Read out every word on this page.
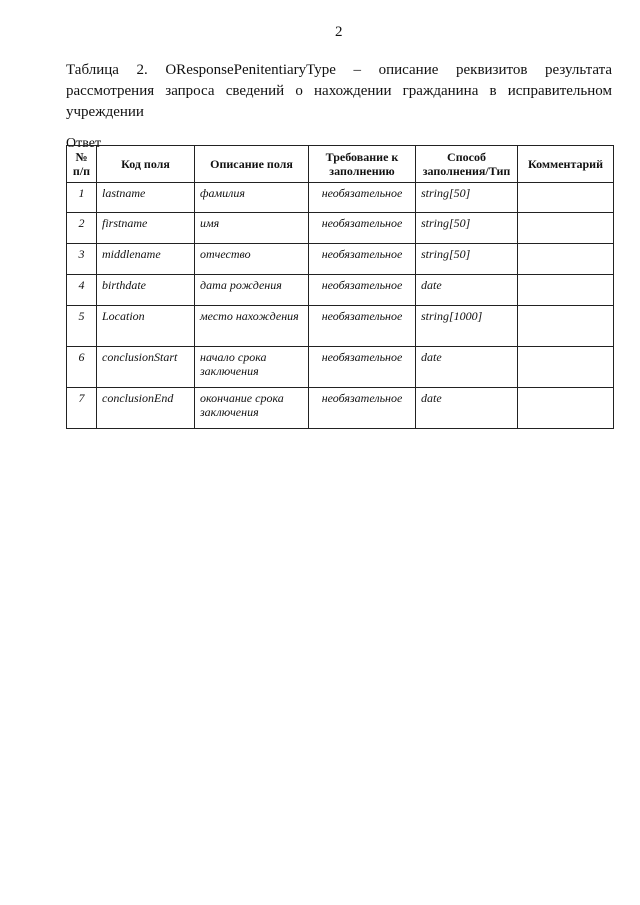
2
Таблица 2. OResponsePenitentiaryType – описание реквизитов результата рассмотрения запроса сведений о нахождении гражданина в исправительном учреждении
Ответ
№ п/п	Код поля	Описание поля	Требование к заполнению	Способ заполнения/Тип	Комментарий
1	lastname	фамилия	необязательное	string[50]	
2	firstname	имя	необязательное	string[50]	
3	middlename	отчество	необязательное	string[50]	
4	birthdate	дата рождения	необязательное	date	
5	Location	место нахождения	необязательное	string[1000]	
6	conclusionStart	начало срока заключения	необязательное	date	
7	conclusionEnd	окончание срока заключения	необязательное	date	
